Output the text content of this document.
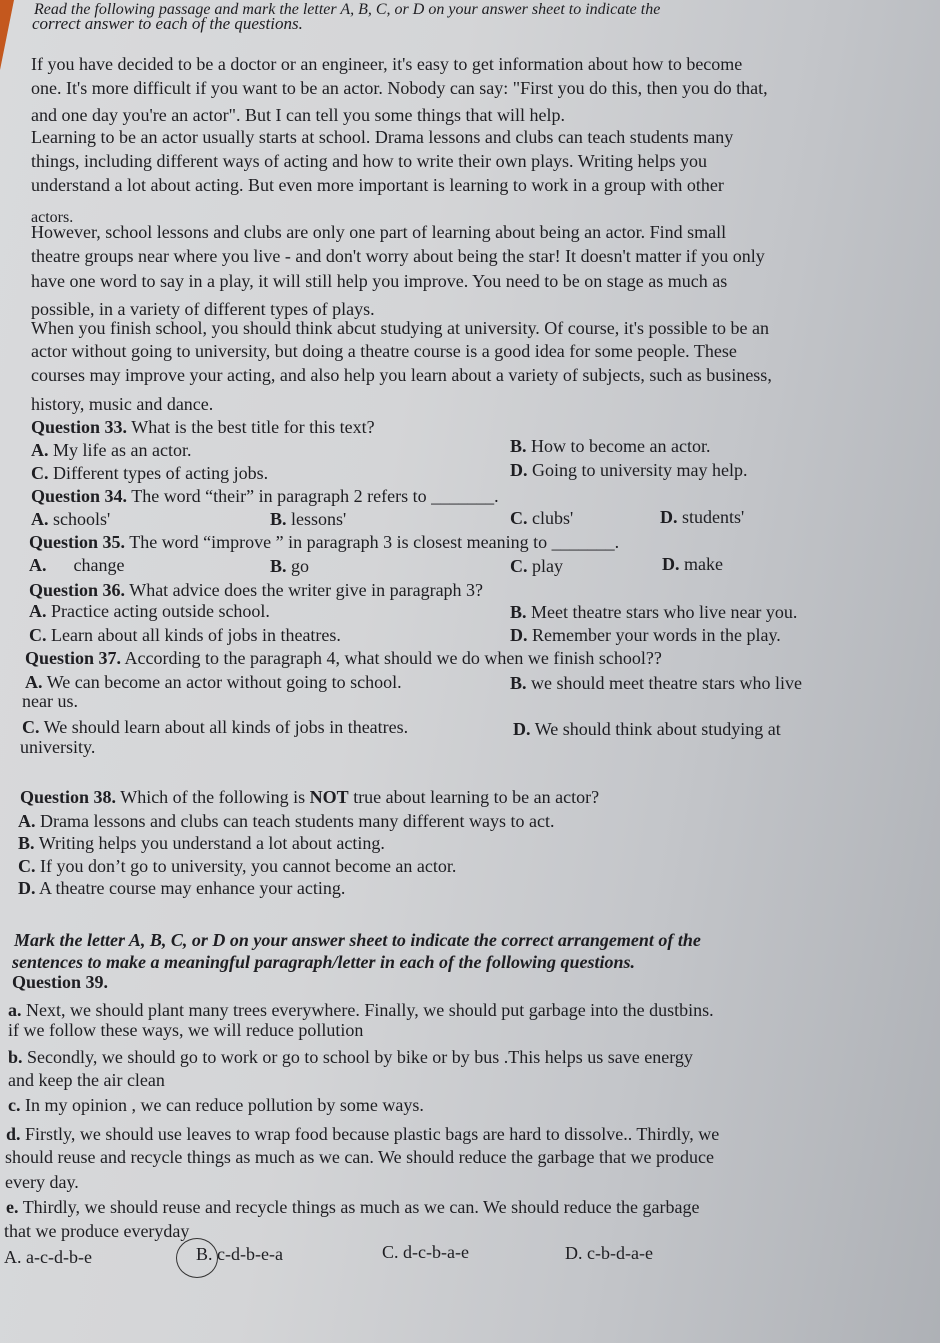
Read the following passage and mark the letter A, B, C, or D on your answer sheet to indicate the
correct answer to each of the questions.
If you have decided to be a doctor or an engineer, it's easy to get information about how to become
one. It's more difficult if you want to be an actor. Nobody can say: "First you do this, then you do that,
and one day you're an actor". But I can tell you some things that will help.
Learning to be an actor usually starts at school. Drama lessons and clubs can teach students many
things, including different ways of acting and how to write their own plays. Writing helps you
understand a lot about acting. But even more important is learning to work in a group with other
actors.
However, school lessons and clubs are only one part of learning about being an actor. Find small
theatre groups near where you live - and don't worry about being the star! It doesn't matter if you only
have one word to say in a play, it will still help you improve. You need to be on stage as much as
possible, in a variety of different types of plays.
When you finish school, you should think abcut studying at university. Of course, it's possible to be an
actor without going to university, but doing a theatre course is a good idea for some people. These
courses may improve your acting, and also help you learn about a variety of subjects, such as business,
history, music and dance.
Question 33. What is the best title for this text?
A. My life as an actor.	B. How to become an actor.
C. Different types of acting jobs.	D. Going to university may help.
Question 34. The word “their” in paragraph 2 refers to _______.
A. schools'	B. lessons'	C. clubs'	D. students'
Question 35. The word “improve ” in paragraph 3 is closest meaning to _______.
A. change	B. go	C. play	D. make
Question 36. What advice does the writer give in paragraph 3?
A. Practice acting outside school.	B. Meet theatre stars who live near you.
C. Learn about all kinds of jobs in theatres.	D. Remember your words in the play.
Question 37. According to the paragraph 4, what should we do when we finish school??
A. We can become an actor without going to school.	B. we should meet theatre stars who live
near us.
C. We should learn about all kinds of jobs in theatres.	D. We should think about studying at
university.
Question 38. Which of the following is NOT true about learning to be an actor?
A. Drama lessons and clubs can teach students many different ways to act.
B. Writing helps you understand a lot about acting.
C. If you don’t go to university, you cannot become an actor.
D. A theatre course may enhance your acting.
Mark the letter A, B, C, or D on your answer sheet to indicate the correct arrangement of the
sentences to make a meaningful paragraph/letter in each of the following questions.
Question 39.
a. Next, we should plant many trees everywhere. Finally, we should put garbage into the dustbins.
if we follow these ways, we will reduce pollution
b. Secondly, we should go to work or go to school by bike or by bus .This helps us save energy
and keep the air clean
c. In my opinion , we can reduce pollution by some ways.
d. Firstly, we should use leaves to wrap food because plastic bags are hard to dissolve.. Thirdly, we
should reuse and recycle things as much as we can. We should reduce the garbage that we produce
every day.
e. Thirdly, we should reuse and recycle things as much as we can. We should reduce the garbage
that we produce everyday
A. a-c-d-b-e	B. c-d-b-e-a	C. d-c-b-a-e	D. c-b-d-a-e
